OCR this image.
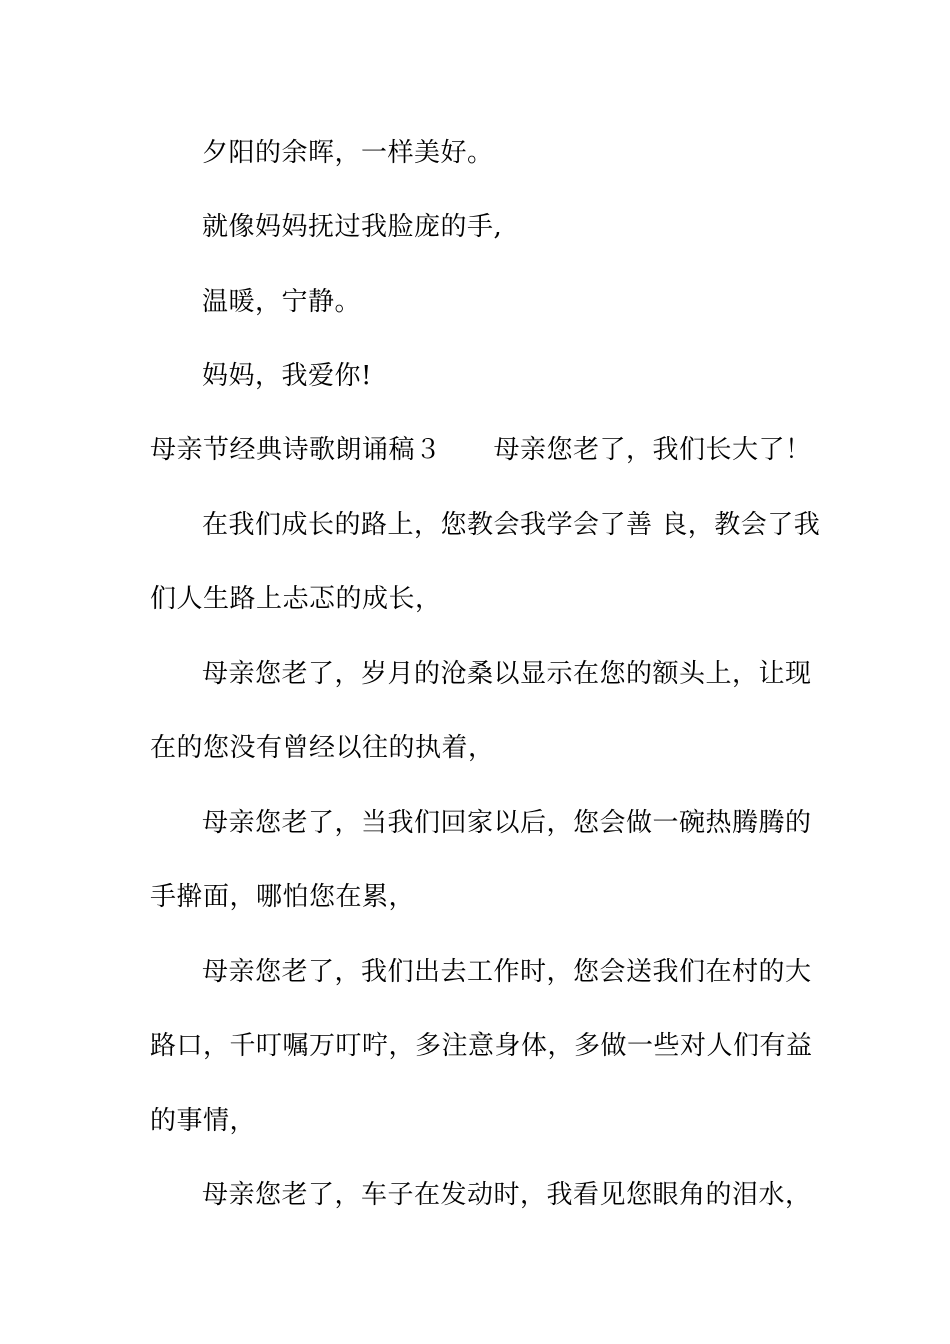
夕阳的余晖，一样美好。
就像妈妈抚过我脸庞的手,
温暖，宁静。
妈妈，我爱你!
母亲节经典诗歌朗诵稿３ 母亲您老了，我们长大了！
在我们成长的路上，您教会我学会了善 良，教会了我
们人生路上忐忑的成长，
母亲您老了，岁月的沧桑以显示在您的额头上，让现
在的您没有曾经以往的执着，
母亲您老了，当我们回家以后，您会做一碗热腾腾的
手擀面，哪怕您在累，
母亲您老了，我们出去工作时，您会送我们在村的大
路口，千叮嘱万叮咛，多注意身体，多做一些对人们有益
的事情，
母亲您老了，车子在发动时，我看见您眼角的泪水，
